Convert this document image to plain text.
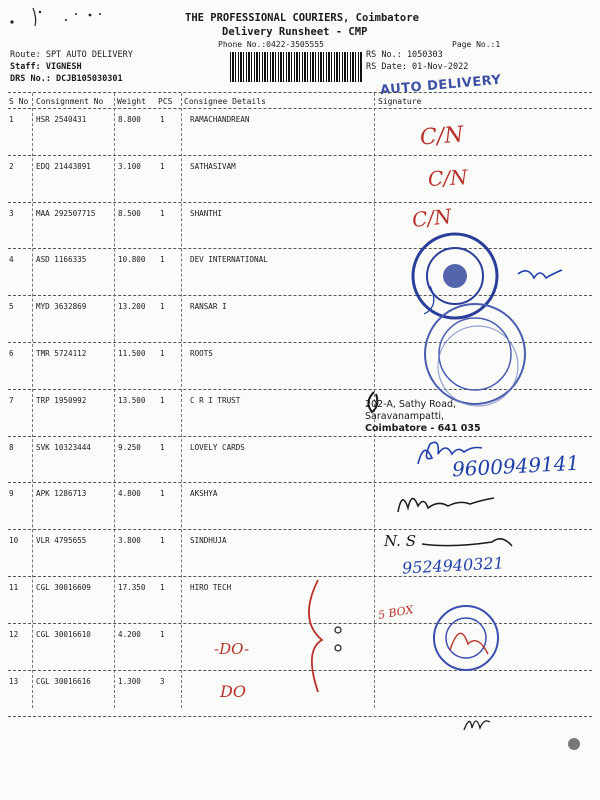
THE PROFESSIONAL COURIERS, Coimbatore
Delivery Runsheet - CMP
Phone No.:0422-3505555	Page No.:1
Route: SPT AUTO DELIVERY
Staff: VIGNESH
DRS No.: DCJB105030301
RS No.: 1050303
RS Date: 01-Nov-2022
AUTO DELIVERY
S No Consignment No Weight PCS Consignee Details	Signature
1	HSR 2540431	8.800	1	RAMACHANDREAN
2	EDQ 21443891	3.100	1	SATHASIVAM
3	MAA 292507715	8.500	1	SHANTHI
4	ASD 1166335	10.800 1	DEV INTERNATIONAL
5	MYD 3632869	13.200 1	RANSAR I
6	TMR 5724112	11.500 1	ROOTS
7	TRP 1950992	13.500 1	C R I TRUST
8	SVK 10323444	9.250	1	LOVELY CARDS
9	APK 1286713	4.800	1	AKSHYA
10 VLR 4795655	3.800	1	SINDHUJA
11 CGL 30016609	17.350 1	HIRO TECH
12 CGL 30016610	4.200	1
13 CGL 30016616	1.300	3
C/N
C/N
C/N
202-A, Sathy Road,
Saravanampatti,
Coimbatore - 641 035
9600949141
N. S
9524940321
5 BOX
-DO-
DO
